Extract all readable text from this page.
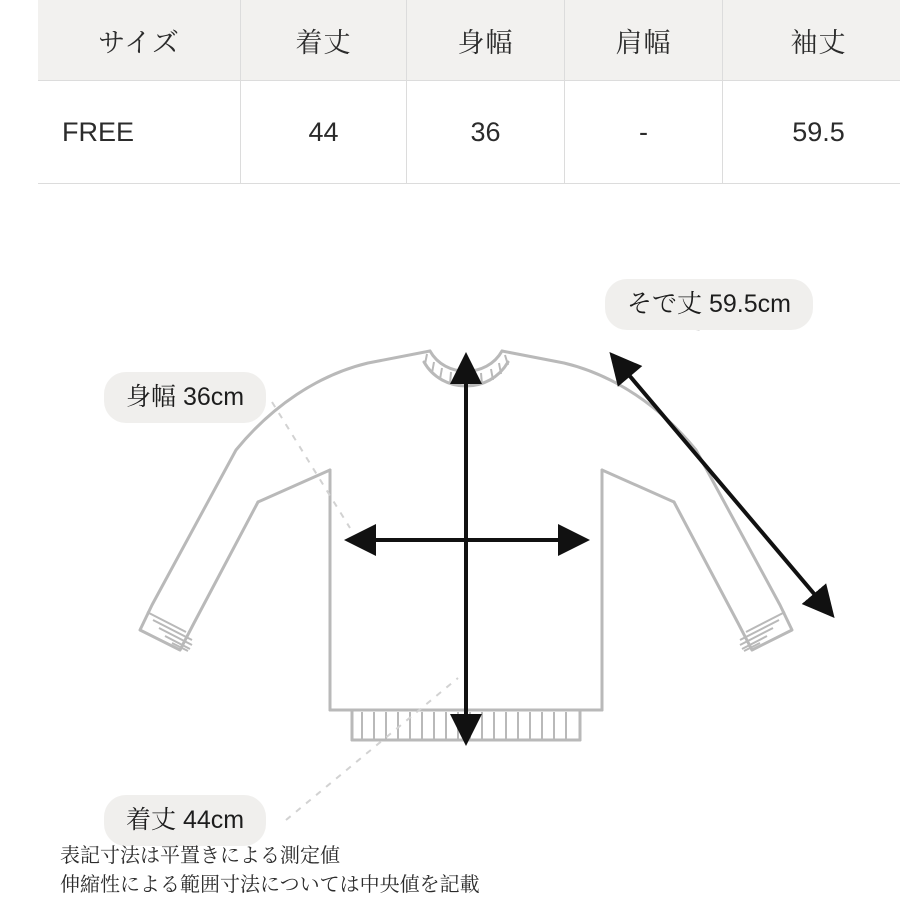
サイズ	着丈	身幅	肩幅	袖丈
FREE	44	36	-	59.5
そで丈 59.5cm
身幅 36cm
着丈 44cm
表記寸法は平置きによる測定値
伸縮性による範囲寸法については中央値を記載
